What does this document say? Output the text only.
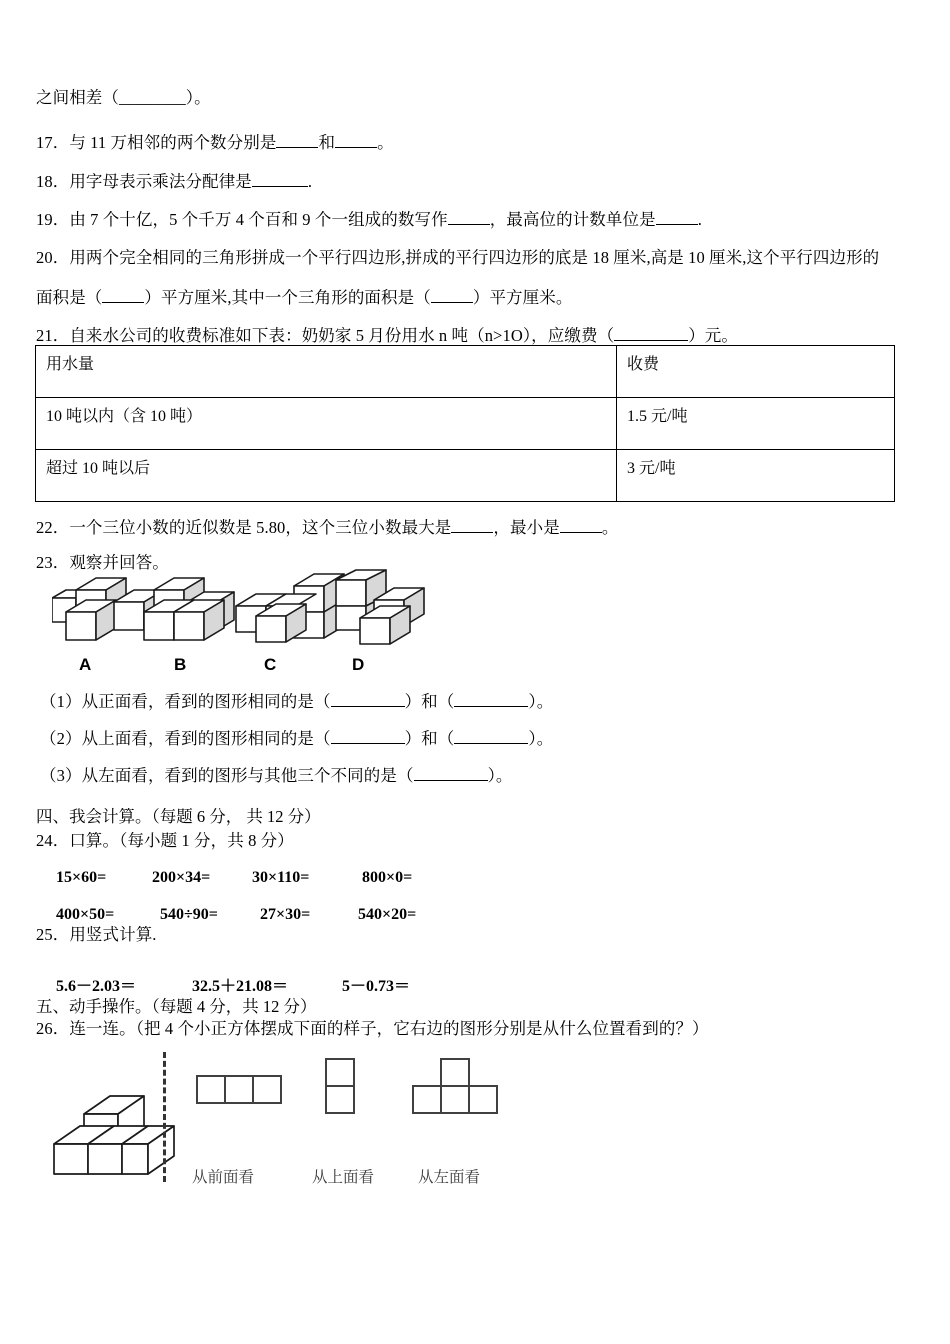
之间相差（________）。
17．与 11 万相邻的两个数分别是	和	。
18．用字母表示乘法分配律是	.
19．由 7 个十亿，5 个千万 4 个百和 9 个一组成的数写作	，最高位的计数单位是	.
20．用两个完全相同的三角形拼成一个平行四边形,拼成的平行四边形的底是 18 厘米,高是 10 厘米,这个平行四边形的
面积是（	）平方厘米,其中一个三角形的面积是（	）平方厘米。
21．自来水公司的收费标准如下表：奶奶家 5 月份用水 n 吨（n>1O），应缴费（	）元。
用水量	收费
10 吨以内（含 10 吨）	1.5 元/吨
超过 10 吨以后	3 元/吨
22．一个三位小数的近似数是 5.80，这个三位小数最大是	，最小是	。
23．观察并回答。
A	B	C	D
（1）从正面看，看到的图形相同的是（	）和（	）。
（2）从上面看，看到的图形相同的是（	）和（	）。
（3）从左面看，看到的图形与其他三个不同的是（	）。
四、我会计算。（每题 6 分， 共 12 分）
24．口算。（每小题 1 分，共 8 分）

15×60=	200×34=	30×110=	800×0=

400×50=	540÷90=	27×30=	540×20=

25．用竖式计算.

5.6－2.03＝	32.5＋21.08＝	5－0.73＝

五、动手操作。（每题 4 分，共 12 分）
26．连一连。（把 4 个小正方体摆成下面的样子，它右边的图形分别是从什么位置看到的？）
从前面看	从上面看	从左面看
